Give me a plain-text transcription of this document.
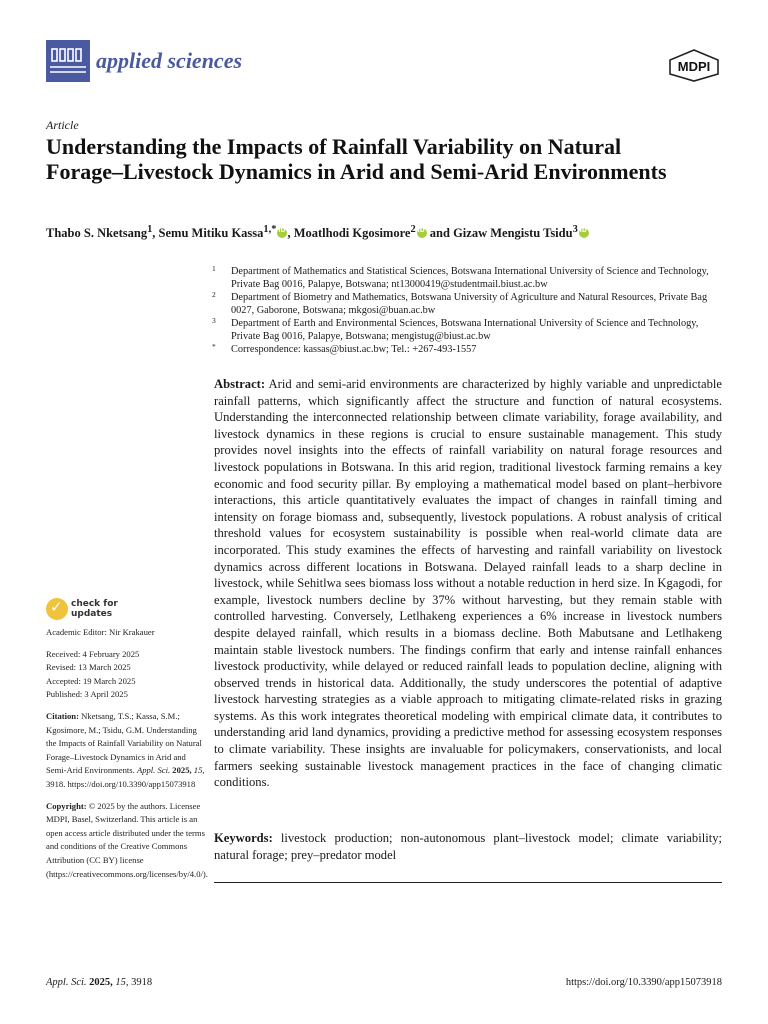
applied sciences	MDPI
Article
Understanding the Impacts of Rainfall Variability on Natural Forage–Livestock Dynamics in Arid and Semi-Arid Environments
Thabo S. Nketsang$^1$, Semu Mitiku Kassa$^{1,*}$iD , Moatlhodi Kgosimore$^2$iD and Gizaw Mengistu Tsidu$^3$iD
1 Department of Mathematics and Statistical Sciences, Botswana International University of Science and Technology, Private Bag 0016, Palapye, Botswana; nt13000419@studentmail.biust.ac.bw
2 Department of Biometry and Mathematics, Botswana University of Agriculture and Natural Resources, Private Bag 0027, Gaborone, Botswana; mkgosi@buan.ac.bw
3 Department of Earth and Environmental Sciences, Botswana International University of Science and Technology, Private Bag 0016, Palapye, Botswana; mengistug@biust.ac.bw
* Correspondence: kassas@biust.ac.bw; Tel.: +267-493-1557
Abstract: Arid and semi-arid environments are characterized by highly variable and unpredictable rainfall patterns, which significantly affect the structure and function of natural ecosystems. Understanding the interconnected relationship between climate variability, forage availability, and livestock dynamics in these regions is crucial to ensure sustainable management. This study provides novel insights into the effects of rainfall variability on natural forage resources and livestock populations in Botswana. In this arid region, traditional livestock farming remains a key economic and food security pillar. By employing a mathematical model based on plant–herbivore interactions, this article quantitatively evaluates the impact of changes in rainfall timing and intensity on forage biomass and, subsequently, livestock populations. A robust analysis of critical threshold values for ecosystem sustainability is possible when real-world climate data are incorporated. This study examines the effects of harvesting and rainfall variability on livestock dynamics across different locations in Botswana. Delayed rainfall leads to a sharp decline in livestock, while Sehitlwa sees biomass loss without a notable reduction in herd size. In Kgagodi, for example, livestock numbers decline by 37% without harvesting, but they remain stable with controlled harvesting. Conversely, Letlhakeng experiences a 6% increase in livestock numbers despite delayed rainfall, which results in a biomass decline. Both Mabutsane and Letlhakeng maintain stable livestock numbers. The findings confirm that early and intense rainfall enhances livestock productivity, while delayed or reduced rainfall leads to population decline, aligning with observed trends in historical data. Additionally, the study underscores the potential of adaptive livestock harvesting strategies as a viable approach to mitigating climate-related risks in grazing systems. As this work integrates theoretical modeling with empirical climate data, it contributes to understanding arid land dynamics, providing a predictive method for assessing ecosystem responses to climate variability. These insights are invaluable for policymakers, conservationists, and local farmers seeking sustainable livestock management practices in the face of changing climatic conditions.
Keywords: livestock production; non-autonomous plant–livestock model; climate variability; natural forage; prey–predator model
✓
check for
updates
Academic Editor: Nir Krakauer
Received: 4 February 2025
Revised: 13 March 2025
Accepted: 19 March 2025
Published: 3 April 2025
Citation: Nketsang, T.S.; Kassa, S.M.; Kgosimore, M.; Tsidu, G.M. Understanding the Impacts of Rainfall Variability on Natural Forage–Livestock Dynamics in Arid and Semi-Arid Environments. Appl. Sci. 2025, 15, 3918. https://doi.org/10.3390/app15073918
Copyright: © 2025 by the authors. Licensee MDPI, Basel, Switzerland. This article is an open access article distributed under the terms and conditions of the Creative Commons Attribution (CC BY) license (https://creativecommons.org/licenses/by/4.0/).
Appl. Sci. 2025, 15, 3918	https://doi.org/10.3390/app15073918
